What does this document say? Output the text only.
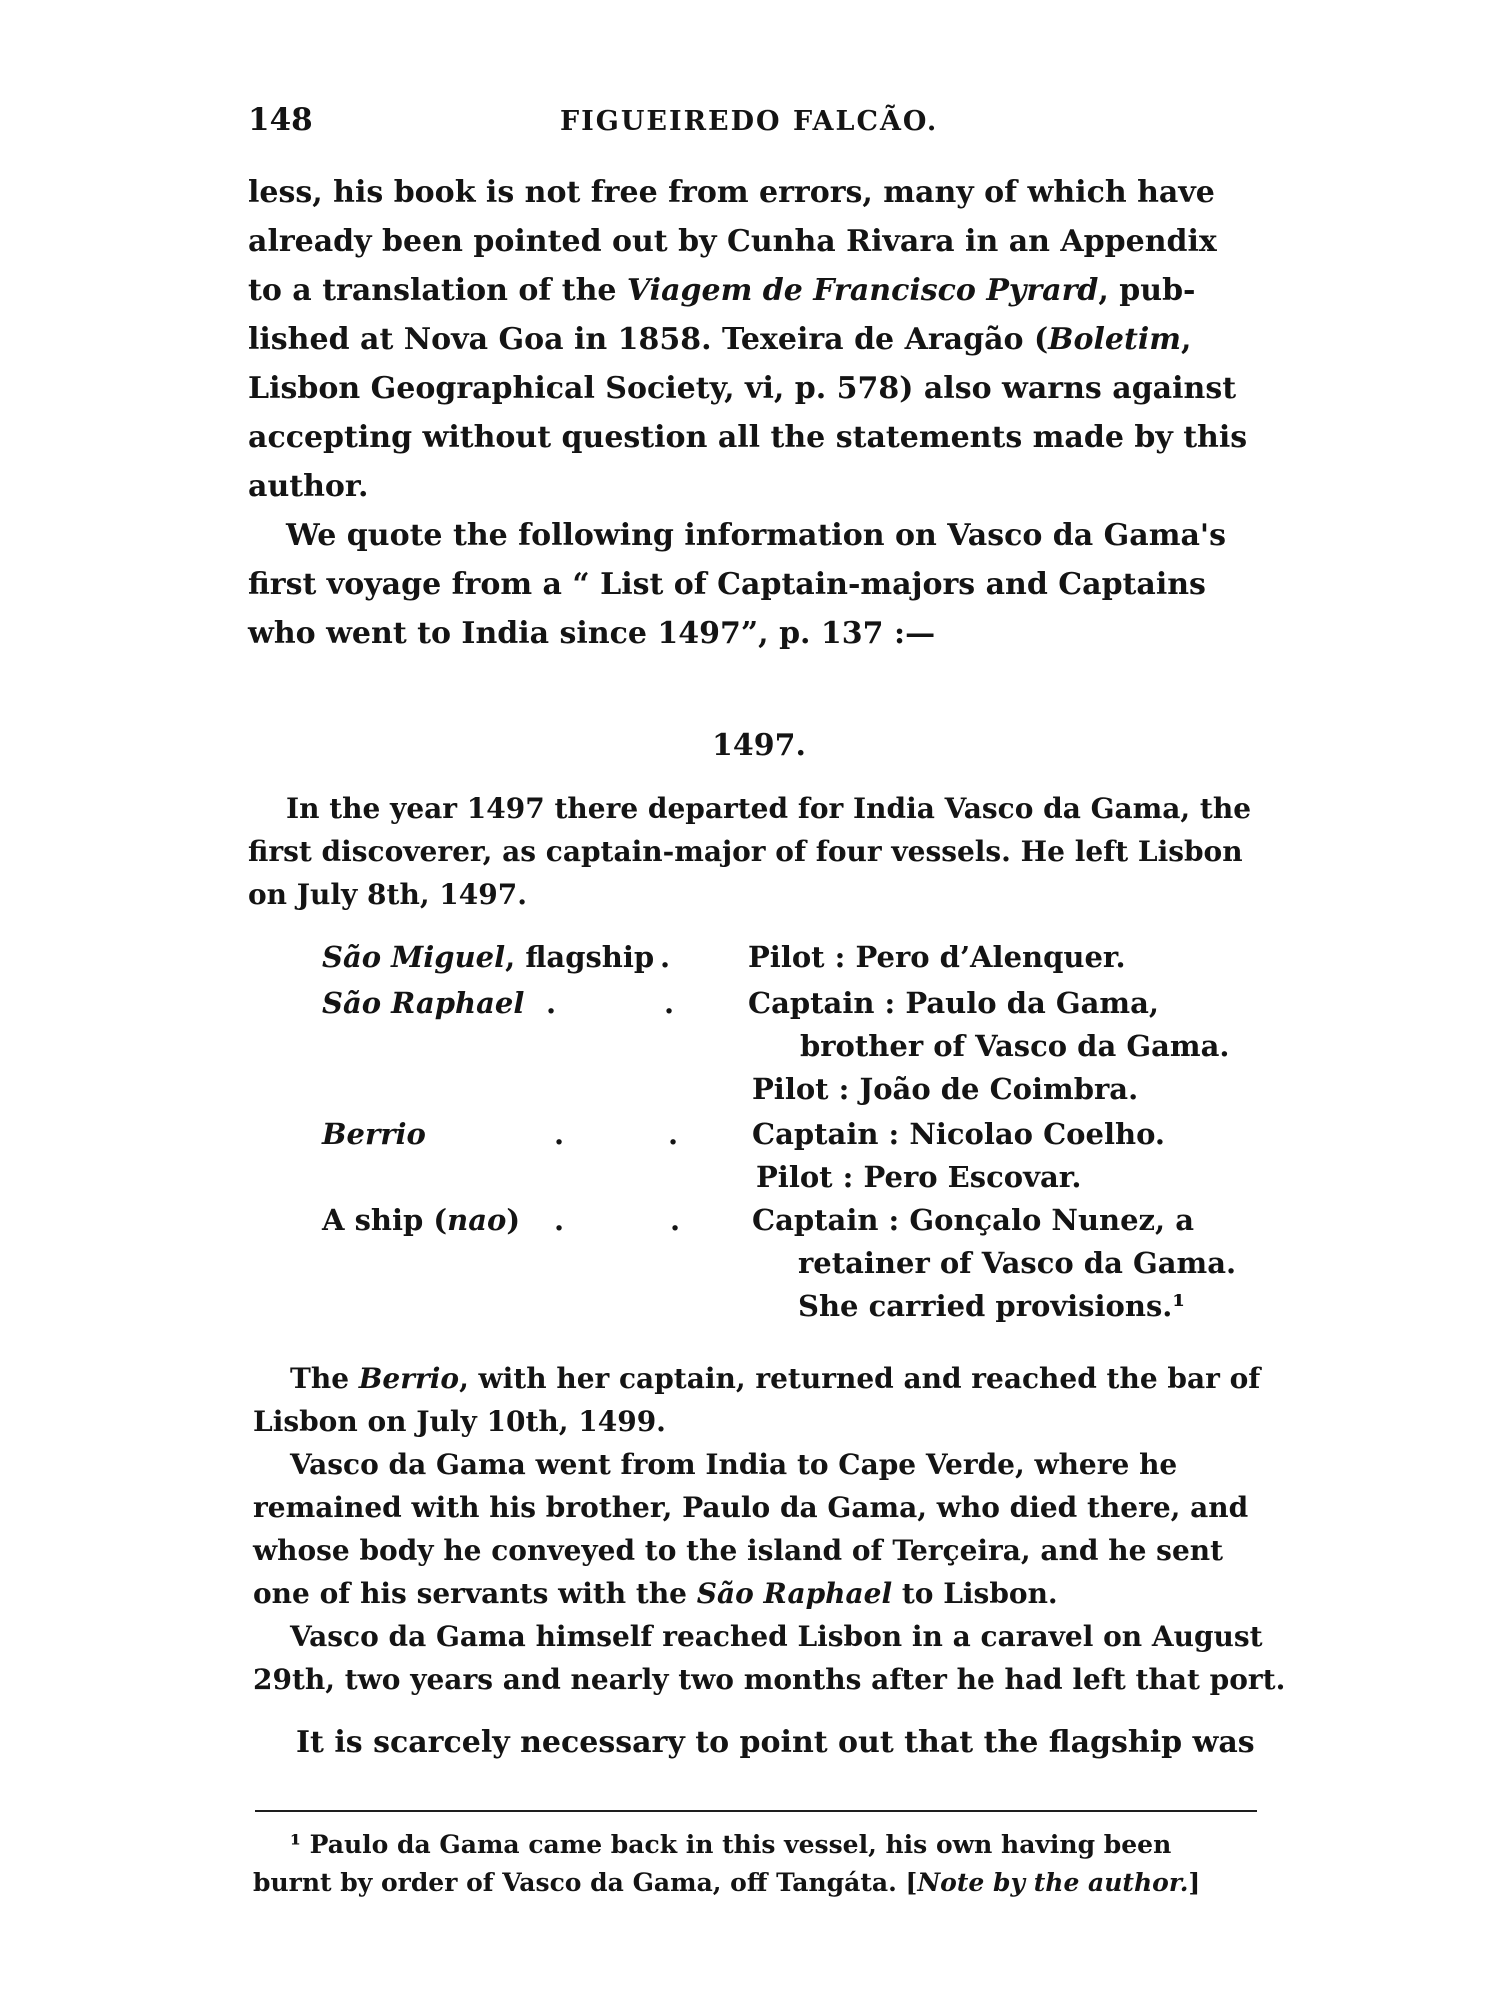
148	FIGUEIREDO FALCÃO.
less, his book is not free from errors, many of which have
already been pointed out by Cunha Rivara in an Appendix
to a translation of the Viagem de Francisco Pyrard, pub-
lished at Nova Goa in 1858. Texeira de Aragão (Boletim,
Lisbon Geographical Society, vi, p. 578) also warns against
accepting without question all the statements made by this
author.
We quote the following information on Vasco da Gama's
first voyage from a “ List of Captain-majors and Captains
who went to India since 1497”, p. 137 :—
1497.
In the year 1497 there departed for India Vasco da Gama, the
first discoverer, as captain-major of four vessels. He left Lisbon
on July 8th, 1497.
São Miguel, flagship .	Pilot : Pero d’Alenquer.
São Raphael .	.	Captain : Paulo da Gama,
brother of Vasco da Gama.
Pilot : João de Coimbra.
Berrio	.	.	Captain : Nicolao Coelho.
Pilot : Pero Escovar.
A ship (nao) .	. Captain : Gonçalo Nunez, a
retainer of Vasco da Gama.
She carried provisions.¹
The Berrio, with her captain, returned and reached the bar of
Lisbon on July 10th, 1499.
Vasco da Gama went from India to Cape Verde, where he
remained with his brother, Paulo da Gama, who died there, and
whose body he conveyed to the island of Terçeira, and he sent
one of his servants with the São Raphael to Lisbon.
Vasco da Gama himself reached Lisbon in a caravel on August
29th, two years and nearly two months after he had left that port.
It is scarcely necessary to point out that the flagship was
¹ Paulo da Gama came back in this vessel, his own having been
burnt by order of Vasco da Gama, off Tangáta. [Note by the author.]
